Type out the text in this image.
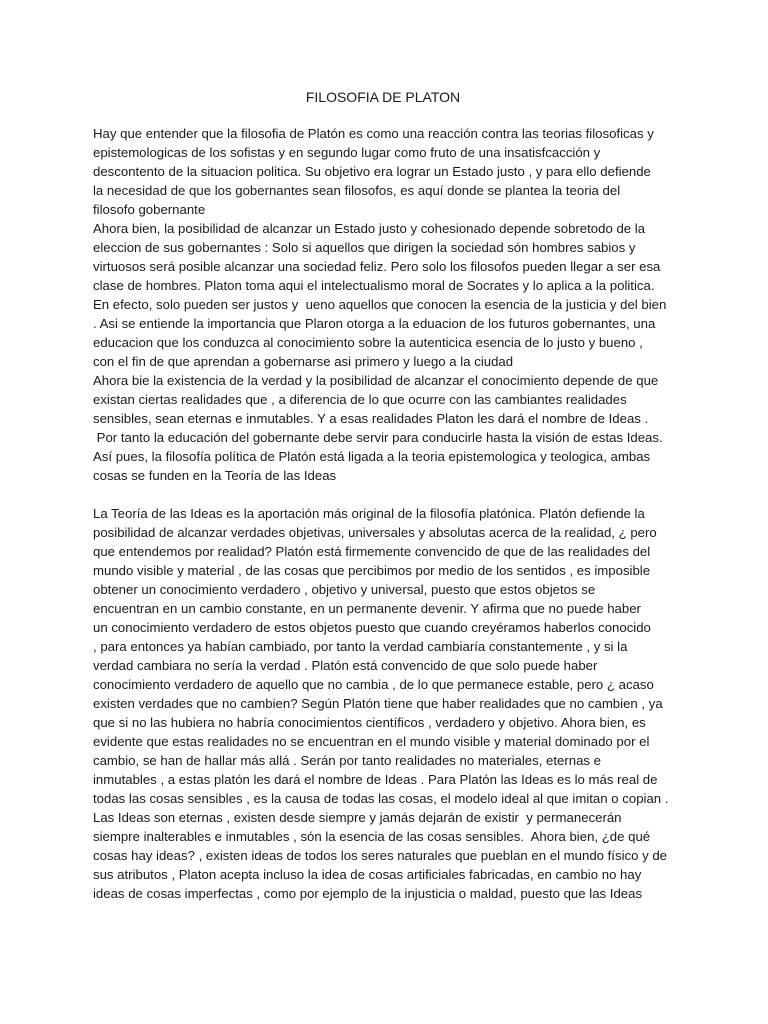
FILOSOFIA DE PLATON
Hay que entender que la filosofia de Platón es como una reacción contra las teorias filosoficas y
epistemologicas de los sofistas y en segundo lugar como fruto de una insatisfcacción y
descontento de la situacion politica. Su objetivo era lograr un Estado justo , y para ello defiende
la necesidad de que los gobernantes sean filosofos, es aquí donde se plantea la teoria del
filosofo gobernante
Ahora bien, la posibilidad de alcanzar un Estado justo y cohesionado depende sobretodo de la
eleccion de sus gobernantes : Solo si aquellos que dirigen la sociedad són hombres sabios y
virtuosos será posible alcanzar una sociedad feliz. Pero solo los filosofos pueden llegar a ser esa
clase de hombres. Platon toma aqui el intelectualismo moral de Socrates y lo aplica a la politica.
En efecto, solo pueden ser justos y  ueno aquellos que conocen la esencia de la justicia y del bien
. Asi se entiende la importancia que Plaron otorga a la eduacion de los futuros gobernantes, una
educacion que los conduzca al conocimiento sobre la autenticica esencia de lo justo y bueno ,
con el fin de que aprendan a gobernarse asi primero y luego a la ciudad
Ahora bie la existencia de la verdad y la posibilidad de alcanzar el conocimiento depende de que
existan ciertas realidades que , a diferencia de lo que ocurre con las cambiantes realidades
sensibles, sean eternas e inmutables. Y a esas realidades Platon les dará el nombre de Ideas .
Por tanto la educación del gobernante debe servir para conducirle hasta la visión de estas Ideas.
Así pues, la filosofía política de Platón está ligada a la teoria epistemologica y teologica, ambas
cosas se funden en la Teoría de las Ideas
La Teoría de las Ideas es la aportación más original de la filosofía platónica. Platón defiende la
posibilidad de alcanzar verdades objetivas, universales y absolutas acerca de la realidad, ¿ pero
que entendemos por realidad? Platón está firmemente convencido de que de las realidades del
mundo visible y material , de las cosas que percibimos por medio de los sentidos , es imposible
obtener un conocimiento verdadero , objetivo y universal, puesto que estos objetos se
encuentran en un cambio constante, en un permanente devenir. Y afirma que no puede haber
un conocimiento verdadero de estos objetos puesto que cuando creyéramos haberlos conocido
, para entonces ya habían cambiado, por tanto la verdad cambiaría constantemente , y si la
verdad cambiara no sería la verdad . Platón está convencido de que solo puede haber
conocimiento verdadero de aquello que no cambia , de lo que permanece estable, pero ¿ acaso
existen verdades que no cambien? Según Platón tiene que haber realidades que no cambien , ya
que si no las hubiera no habría conocimientos científicos , verdadero y objetivo. Ahora bien, es
evidente que estas realidades no se encuentran en el mundo visible y material dominado por el
cambio, se han de hallar más allá . Serán por tanto realidades no materiales, eternas e
inmutables , a estas platón les dará el nombre de Ideas . Para Platón las Ideas es lo más real de
todas las cosas sensibles , es la causa de todas las cosas, el modelo ideal al que imitan o copian .
Las Ideas son eternas , existen desde siempre y jamás dejarán de existir  y permanecerán
siempre inalterables e inmutables , són la esencia de las cosas sensibles.  Ahora bien, ¿de qué
cosas hay ideas? , existen ideas de todos los seres naturales que pueblan en el mundo físico y de
sus atributos , Platon acepta incluso la idea de cosas artificiales fabricadas, en cambio no hay
ideas de cosas imperfectas , como por ejemplo de la injusticia o maldad, puesto que las Ideas
